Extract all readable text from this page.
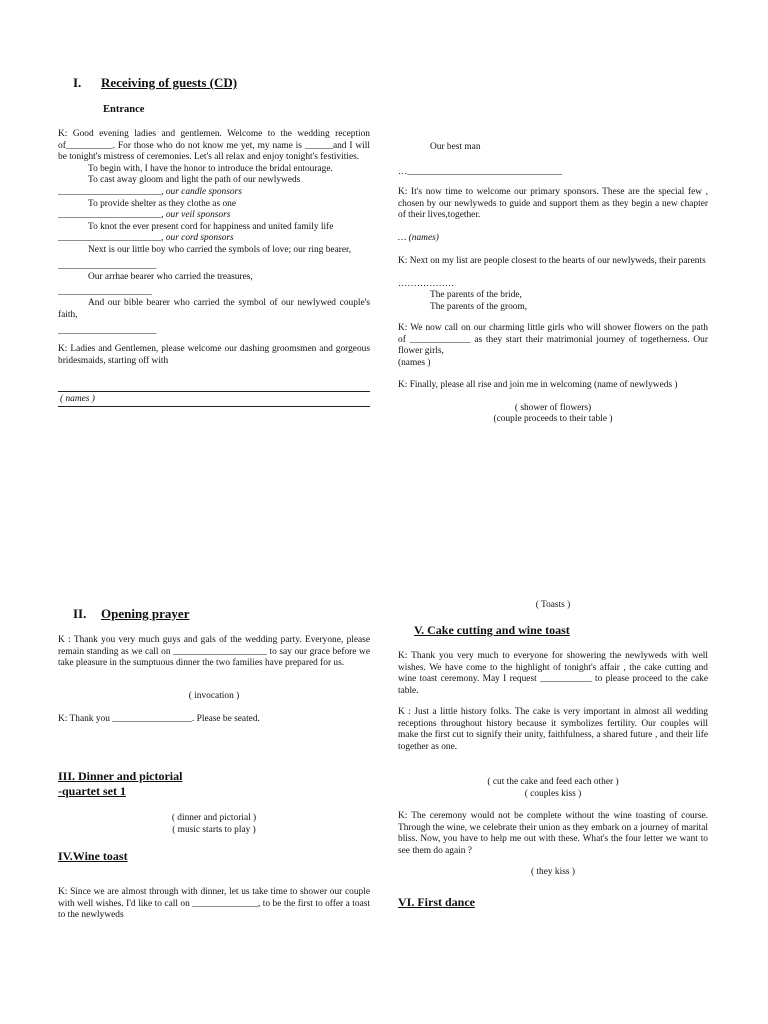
I. Receiving of guests (CD)
Entrance
K: Good evening ladies and gentlemen. Welcome to the wedding reception of__________. For those who do not know me yet, my name is ______and I will be tonight's mistress of ceremonies. Let's all relax and enjoy tonight's festivities.
To begin with, I have the honor to introduce the bridal entourage.
To cast away gloom and light the path of our newlyweds
______________________, our candle sponsors
To provide shelter as they clothe as one
______________________, our veil sponsors
To knot the ever present cord for happiness and united family life
______________________, our cord sponsors
Next is our little boy who carried the symbols of love; our ring bearer,
_____________________
Our arrhae bearer who carried the treasures,
____________________
And our bible bearer who carried the symbol of our newlywed couple's faith,
_____________________
K: Ladies and Gentlemen, please welcome our dashing groomsmen and gorgeous bridesmaids, starting off with
( names )
II. Opening prayer
K : Thank you very much guys and gals of the wedding party. Everyone, please remain standing as we call on ____________________ to say our grace before we take pleasure in the sumptuous dinner the two families have prepared for us.
( invocation )
K: Thank you _________________. Please be seated.
III. Dinner and pictorial
-quartet set 1
( dinner and pictorial )
( music starts to play )
IV.Wine toast
K: Since we are almost through with dinner, let us take time to shower our couple with well wishes. I'd like to call on ______________, to be the first to offer a toast to the newlyweds
Our best man
…_________________________________
K: It's now time to welcome our primary sponsors. These are the special few , chosen by our newlyweds to guide and support them as they begin a new chapter of their lives,together.
… (names)
K: Next on my list are people closest to the hearts of our newlyweds, their parents
………………
The parents of the bride,
The parents of the groom,
K: We now call on our charming little girls who will shower flowers on the path of _____________ as they start their matrimonial journey of togetherness. Our flower girls,
(names )
K: Finally, please all rise and join me in welcoming (name of newlyweds )
( shower of flowers)
(couple proceeds to their table )
( Toasts )
V. Cake cutting and wine toast
K: Thank you very much to everyone for showering the newlyweds with well wishes. We have come to the highlight of tonight's affair , the cake cutting and wine toast ceremony. May I request ___________ to please proceed to the cake table.
K : Just a little history folks. The cake is very important in almost all wedding receptions throughout history because it symbolizes fertility. Our couples will make the first cut to signify their unity, faithfulness, a shared future , and their life together as one.
( cut the cake and feed each other )
( couples kiss )
K: The ceremony would not be complete without the wine toasting of course. Through the wine, we celebrate their union as they embark on a journey of marital bliss. Now, you have to help me out with these. What's the four letter we want to see them do again ?
( they kiss )
VI. First dance
